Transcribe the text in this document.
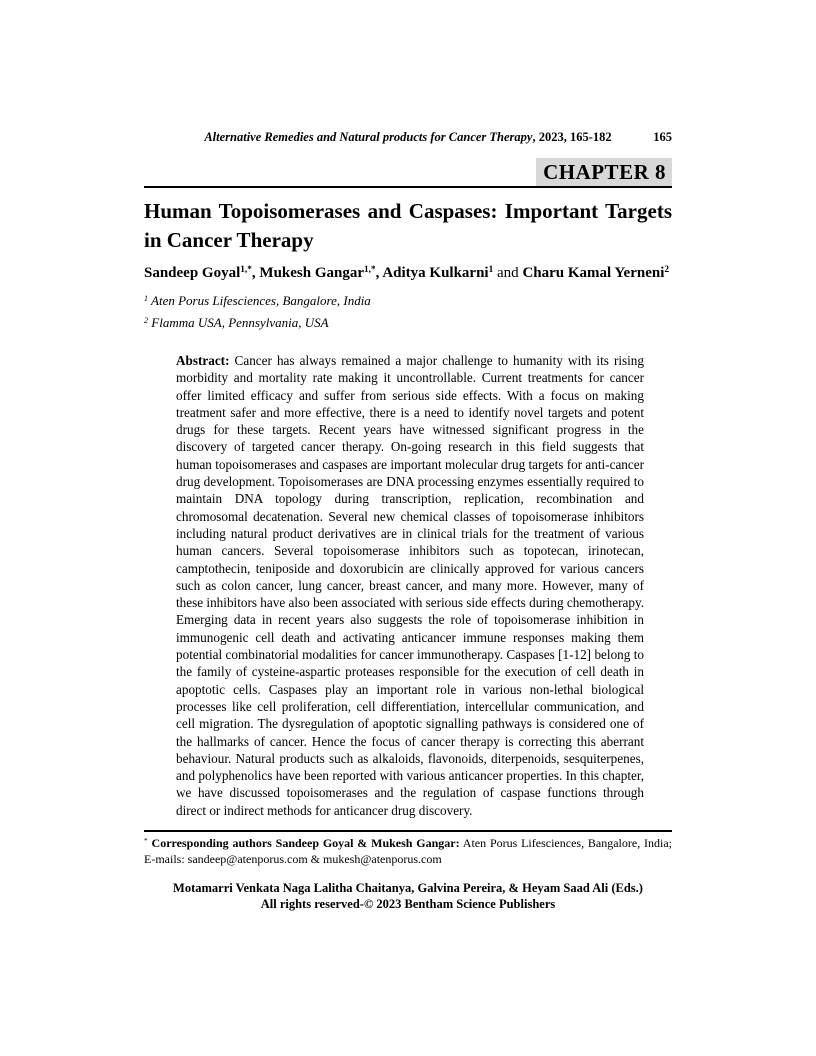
Alternative Remedies and Natural products for Cancer Therapy, 2023, 165-182	165
CHAPTER 8
Human Topoisomerases and Caspases: Important Targets in Cancer Therapy

Sandeep Goyal$^{1,*}$, Mukesh Gangar$^{1,*}$, Aditya Kulkarni$^1$ and Charu Kamal Yerneni$^2$

$^1$ Aten Porus Lifesciences, Bangalore, India

$^2$ Flamma USA, Pennsylvania, USA

Abstract: Cancer has always remained a major challenge to humanity with its rising morbidity and mortality rate making it uncontrollable. Current treatments for cancer offer limited efficacy and suffer from serious side effects. With a focus on making treatment safer and more effective, there is a need to identify novel targets and potent drugs for these targets. Recent years have witnessed significant progress in the discovery of targeted cancer therapy. On-going research in this field suggests that human topoisomerases and caspases are important molecular drug targets for anti-cancer drug development. Topoisomerases are DNA processing enzymes essentially required to maintain DNA topology during transcription, replication, recombination and chromosomal decatenation. Several new chemical classes of topoisomerase inhibitors including natural product derivatives are in clinical trials for the treatment of various human cancers. Several topoisomerase inhibitors such as topotecan, irinotecan, camptothecin, teniposide and doxorubicin are clinically approved for various cancers such as colon cancer, lung cancer, breast cancer, and many more. However, many of these inhibitors have also been associated with serious side effects during chemotherapy. Emerging data in recent years also suggests the role of topoisomerase inhibition in immunogenic cell death and activating anticancer immune responses making them potential combinatorial modalities for cancer immunotherapy. Caspases [1-12] belong to the family of cysteine-aspartic proteases responsible for the execution of cell death in apoptotic cells. Caspases play an important role in various non-lethal biological processes like cell proliferation, cell differentiation, intercellular communication, and cell migration. The dysregulation of apoptotic signalling pathways is considered one of the hallmarks of cancer. Hence the focus of cancer therapy is correcting this aberrant behaviour. Natural products such as alkaloids, flavonoids, diterpenoids, sesquiterpenes, and polyphenolics have been reported with various anticancer properties. In this chapter, we have discussed topoisomerases and the regulation of caspase functions through direct or indirect methods for anticancer drug discovery.

* Corresponding authors Sandeep Goyal & Mukesh Gangar: Aten Porus Lifesciences, Bangalore, India; E-mails: sandeep@atenporus.com & mukesh@atenporus.com

Motamarri Venkata Naga Lalitha Chaitanya, Galvina Pereira, & Heyam Saad Ali (Eds.)
All rights reserved-© 2023 Bentham Science Publishers
